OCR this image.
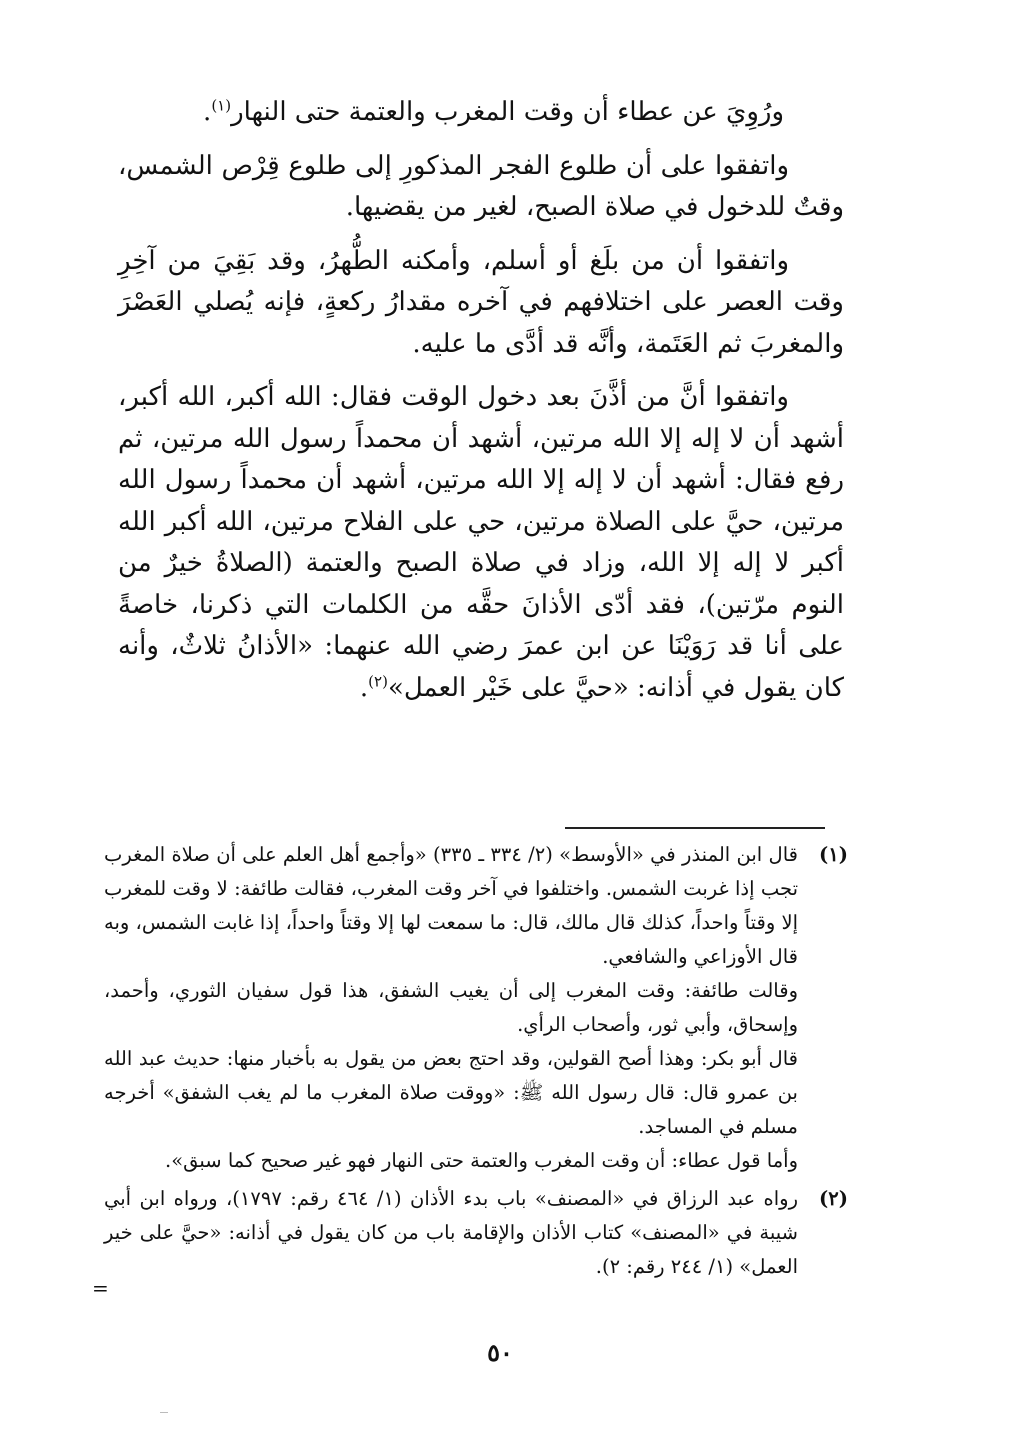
ورُوِيَ عن عطاء أن وقت المغرب والعتمة حتى النهار$^{(١)}$.

واتفقوا على أن طلوع الفجر المذكورِ إلى طلوع قِرْص الشمس، وقتٌ للدخول في صلاة الصبح، لغير من يقضيها.

واتفقوا أن من بلَغ أو أسلم، وأمكنه الطُّهرُ، وقد بَقِيَ من آخِرِ وقت العصر على اختلافهم في آخره مقدارُ ركعةٍ، فإنه يُصلي العَصْرَ والمغربَ ثم العَتَمة، وأنَّه قد أدَّى ما عليه.

واتفقوا أنَّ من أذَّنَ بعد دخول الوقت فقال: الله أكبر، الله أكبر، أشهد أن لا إله إلا الله مرتين، أشهد أن محمداً رسول الله مرتين، ثم رفع فقال: أشهد أن لا إله إلا الله مرتين، أشهد أن محمداً رسول الله مرتين، حيَّ على الصلاة مرتين، حي على الفلاح مرتين، الله أكبر الله أكبر لا إله إلا الله، وزاد في صلاة الصبح والعتمة (الصلاةُ خيرٌ من النوم مرّتين)، فقد أدّى الأذانَ حقَّه من الكلمات التي ذكرنا، خاصةً على أنا قد رَوَيْنَا عن ابن عمرَ رضي الله عنهما: «الأذانُ ثلاثٌ، وأنه كان يقول في أذانه: «حيَّ على خَيْر العمل»$^{(٢)}$.

(١)

قال ابن المنذر في «الأوسط» (٢/ ٣٣٤ ـ ٣٣٥) «وأجمع أهل العلم على أن صلاة المغرب تجب إذا غربت الشمس. واختلفوا في آخر وقت المغرب، فقالت طائفة: لا وقت للمغرب إلا وقتاً واحداً، كذلك قال مالك، قال: ما سمعت لها إلا وقتاً واحداً، إذا غابت الشمس، وبه قال الأوزاعي والشافعي.

وقالت طائفة: وقت المغرب إلى أن يغيب الشفق، هذا قول سفيان الثوري، وأحمد، وإسحاق، وأبي ثور، وأصحاب الرأي.

قال أبو بكر: وهذا أصح القولين، وقد احتج بعض من يقول به بأخبار منها: حديث عبد الله بن عمرو قال: قال رسول الله ﷺ: «ووقت صلاة المغرب ما لم يغب الشفق» أخرجه مسلم في المساجد.

وأما قول عطاء: أن وقت المغرب والعتمة حتى النهار فهو غير صحيح كما سبق».

(٢)

رواه عبد الرزاق في «المصنف» باب بدء الأذان (١/ ٤٦٤ رقم: ١٧٩٧)، ورواه ابن أبي شيبة في «المصنف» كتاب الأذان والإقامة باب من كان يقول في أذانه: «حيَّ على خير العمل» (١/ ٢٤٤ رقم: ٢).

=
٥٠
